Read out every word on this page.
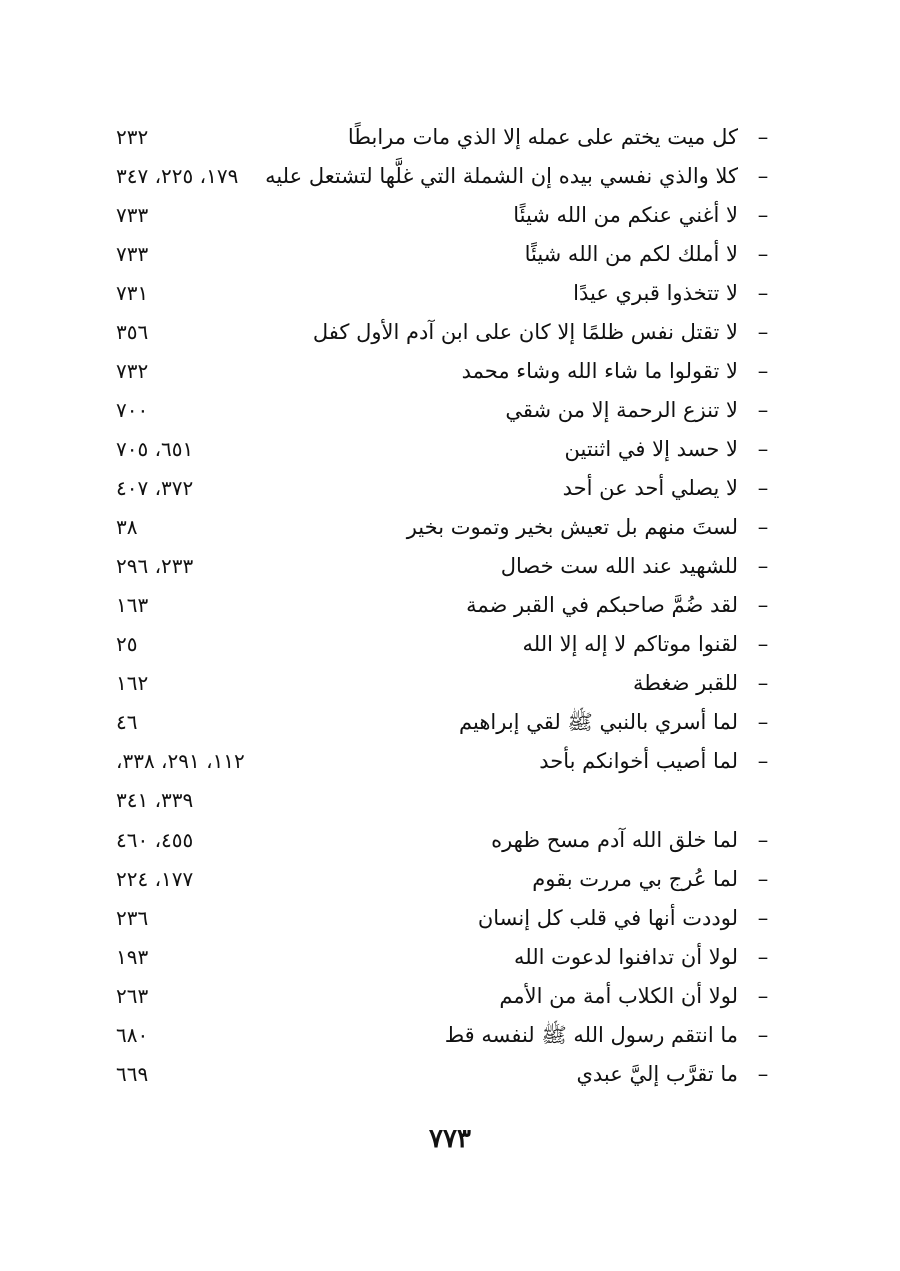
–
كل ميت يختم على عمله إلا الذي مات مرابطًا
٢٣٢
–
كلا والذي نفسي بيده إن الشملة التي غلَّها لتشتعل عليه
١٧٩، ٢٢٥، ٣٤٧
–
لا أغني عنكم من الله شيئًا
٧٣٣
–
لا أملك لكم من الله شيئًا
٧٣٣
–
لا تتخذوا قبري عيدًا
٧٣١
–
لا تقتل نفس ظلمًا إلا كان على ابن آدم الأول كفل
٣٥٦
–
لا تقولوا ما شاء الله وشاء محمد
٧٣٢
–
لا تنزع الرحمة إلا من شقي
٧٠٠
–
لا حسد إلا في اثنتين
٦٥١، ٧٠٥
–
لا يصلي أحد عن أحد
٣٧٢، ٤٠٧
–
لستَ منهم بل تعيش بخير وتموت بخير
٣٨
–
للشهيد عند الله ست خصال
٢٣٣، ٢٩٦
–
لقد ضُمَّ صاحبكم في القبر ضمة
١٦٣
–
لقنوا موتاكم لا إله إلا الله
٢٥
–
للقبر ضغطة
١٦٢
–
لما أسري بالنبي ﷺ لقي إبراهيم
٤٦
–
لما أصيب أخوانكم بأحد
١١٢، ٢٩١، ٣٣٨،
٣٣٩، ٣٤١
–
لما خلق الله آدم مسح ظهره
٤٥٥، ٤٦٠
–
لما عُرج بي مررت بقوم
١٧٧، ٢٢٤
–
لوددت أنها في قلب كل إنسان
٢٣٦
–
لولا أن تدافنوا لدعوت الله
١٩٣
–
لولا أن الكلاب أمة من الأمم
٢٦٣
–
ما انتقم رسول الله ﷺ لنفسه قط
٦٨٠
–
ما تقرَّب إليَّ عبدي
٦٦٩
٧٧٣
